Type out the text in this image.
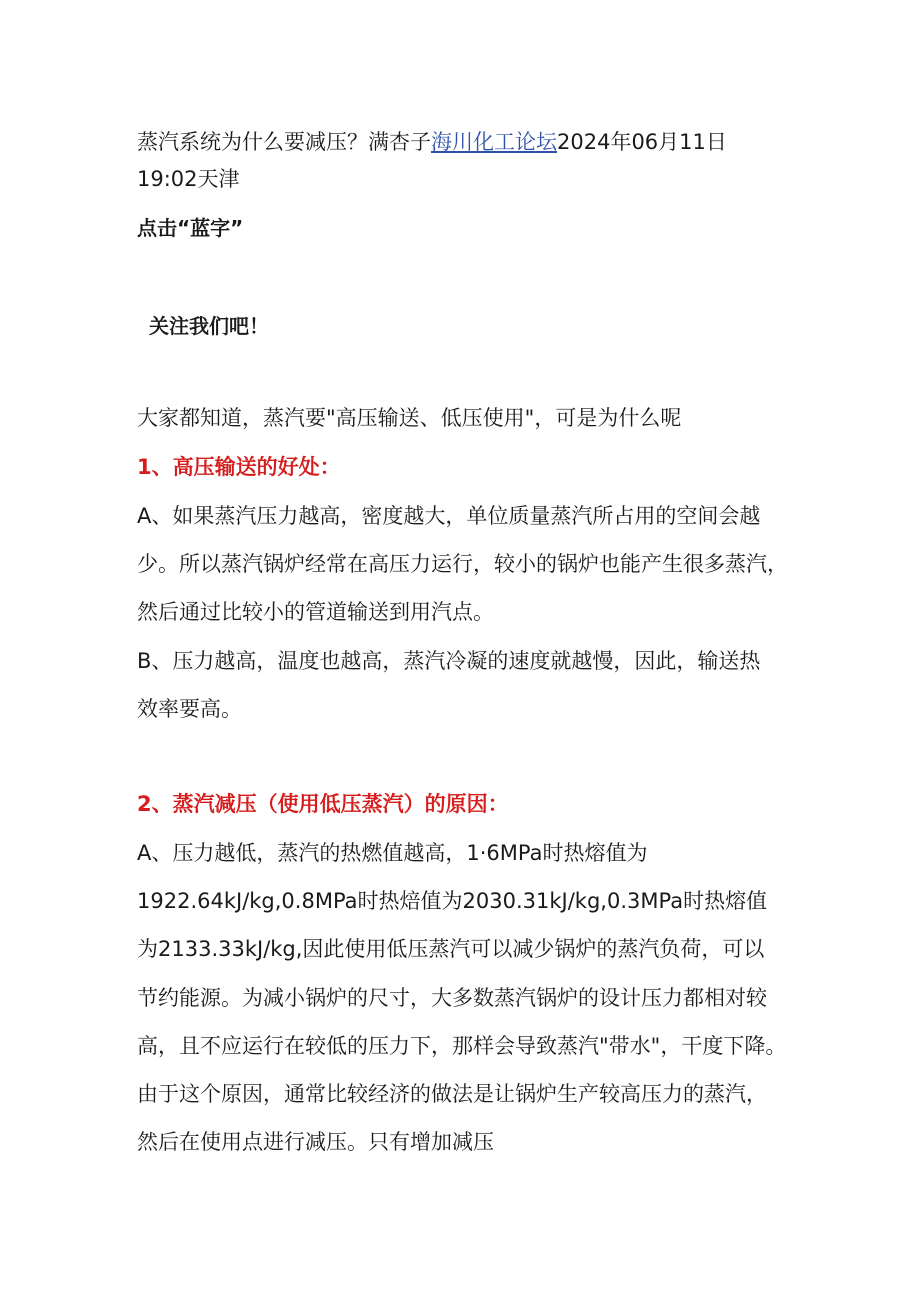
蒸汽系统为什么要减压？满杏子海川化工论坛2024年06月11日

19:02天津

点击“蓝字”

关注我们吧！

大家都知道，蒸汽要"高压输送、低压使用"，可是为什么呢

1、高压输送的好处：

A、如果蒸汽压力越高，密度越大，单位质量蒸汽所占用的空间会越

少。所以蒸汽锅炉经常在高压力运行，较小的锅炉也能产生很多蒸汽，

然后通过比较小的管道输送到用汽点。

B、压力越高，温度也越高，蒸汽冷凝的速度就越慢，因此，输送热

效率要高。

2、蒸汽减压（使用低压蒸汽）的原因：

A、压力越低，蒸汽的热燃值越高，1·6MPa时热熔值为

1922.64kJ/kg,0.8MPa时热焙值为2030.31kJ/kg,0.3MPa时热熔值

为2133.33kJ/kg,因此使用低压蒸汽可以减少锅炉的蒸汽负荷，可以

节约能源。为减小锅炉的尺寸，大多数蒸汽锅炉的设计压力都相对较

高，且不应运行在较低的压力下，那样会导致蒸汽"带水"，干度下降。

由于这个原因，通常比较经济的做法是让锅炉生产较高压力的蒸汽，

然后在使用点进行减压。只有增加减压
